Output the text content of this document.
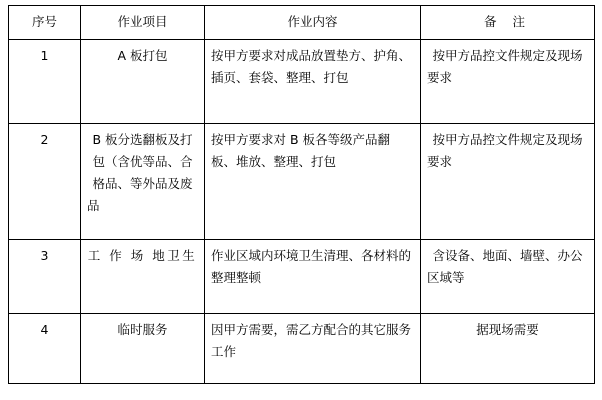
序号	作业项目	作业内容	备 注
1	A 板打包	按甲方要求对成品放置垫方、护角、插页、套袋、整理、打包	按甲方品控文件规定及现场要求
2	B 板分选翻板及打包（含优等品、合格品、等外品及废品	按甲方要求对 B 板各等级产品翻板、堆放、整理、打包	按甲方品控文件规定及现场要求
3	工 作 场 地卫生	作业区域内环境卫生清理、各材料的整理整顿	含设备、地面、墙壁、办公区域等
4	临时服务	因甲方需要，需乙方配合的其它服务工作	据现场需要
